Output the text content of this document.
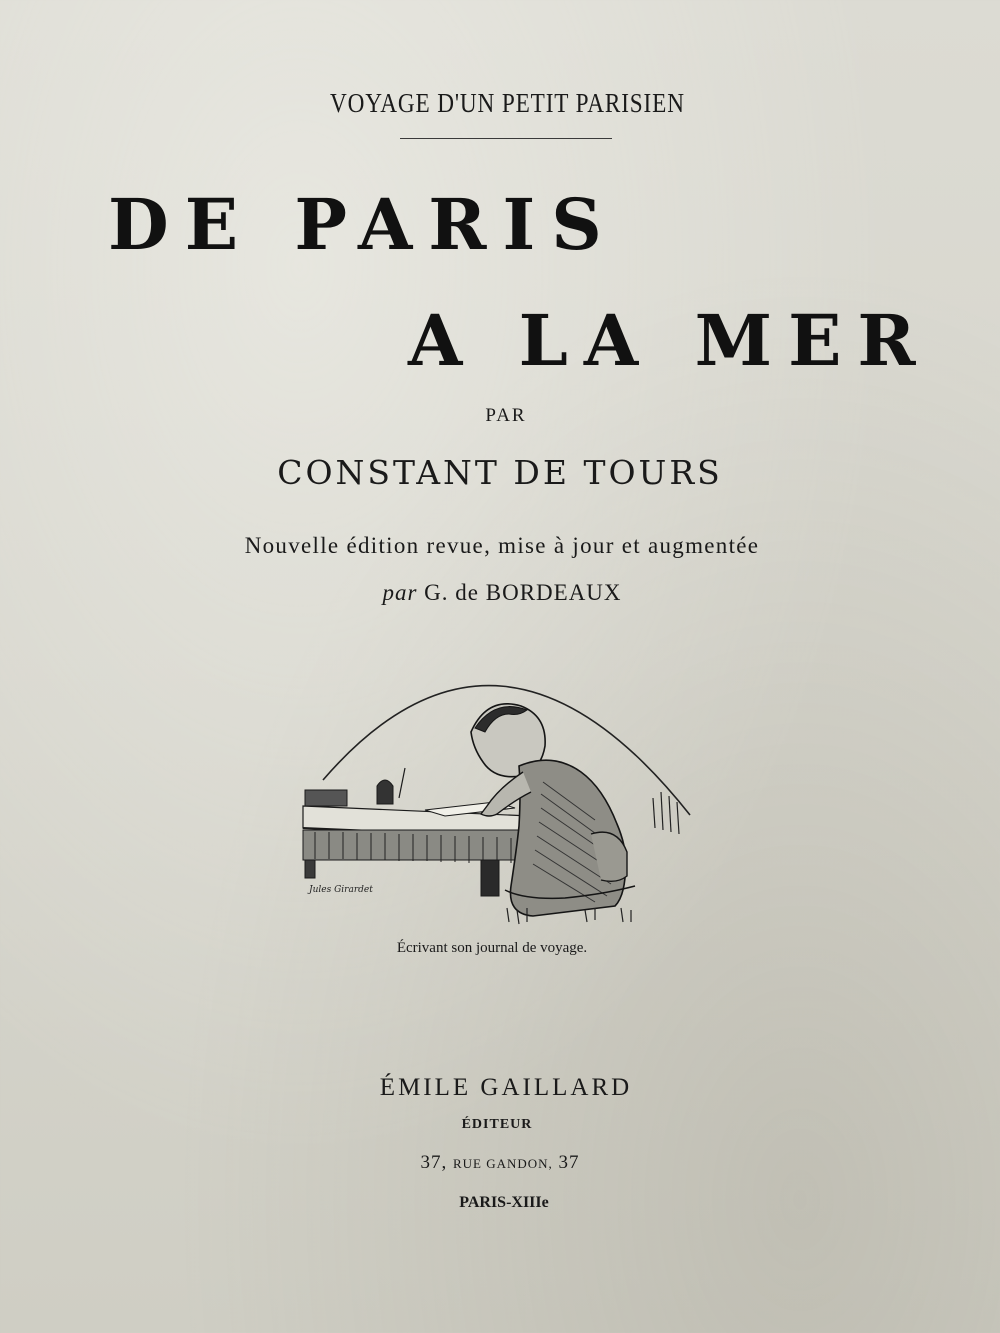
VOYAGE D'UN PETIT PARISIEN
DE PARIS
A LA MER
PAR
CONSTANT DE TOURS
Nouvelle édition revue, mise à jour et augmentée
par G. de BORDEAUX
Jules Girardet
Écrivant son journal de voyage.
ÉMILE GAILLARD
ÉDITEUR
37, RUE GANDON, 37
PARIS-XIIIe
